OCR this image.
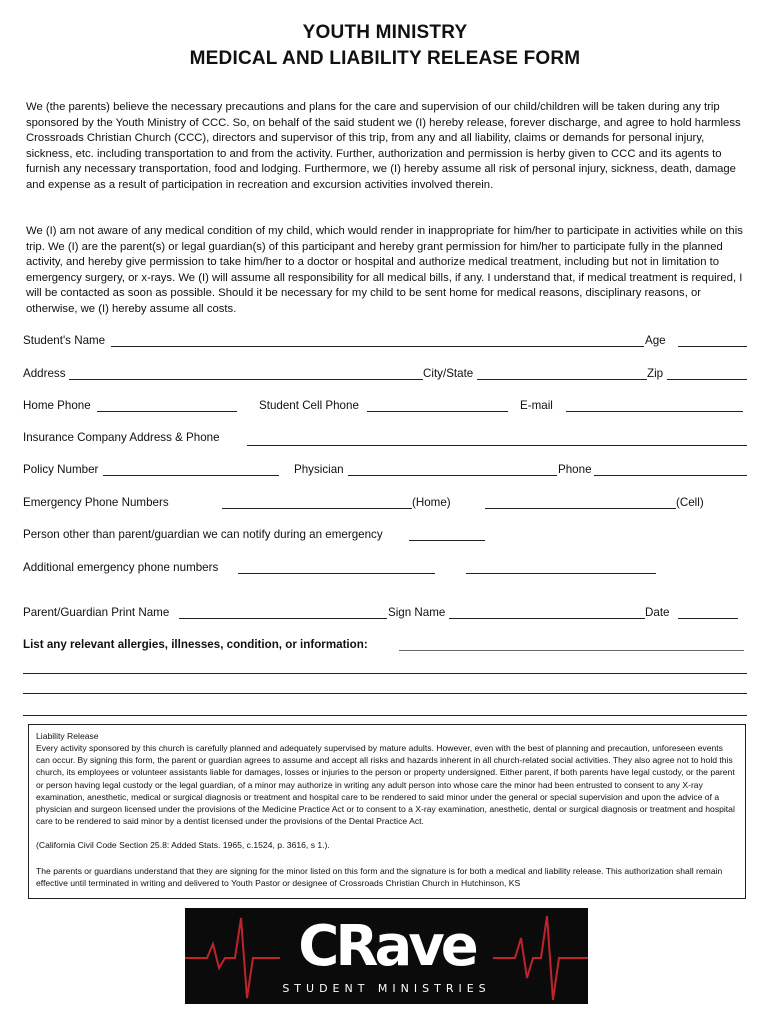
YOUTH MINISTRY
MEDICAL AND LIABILITY RELEASE FORM

We (the parents) believe the necessary precautions and plans for the care and supervision of our child/children will be taken during any trip sponsored by the Youth Ministry of CCC. So, on behalf of the said student we (I) hereby release, forever discharge, and agree to hold harmless Crossroads Christian Church (CCC), directors and supervisor of this trip, from any and all liability, claims or demands for personal injury, sickness, etc. including transportation to and from the activity. Further, authorization and permission is herby given to CCC and its agents to furnish any necessary transportation, food and lodging. Furthermore, we (I) hereby assume all risk of personal injury, sickness, death, damage and expense as a result of participation in recreation and excursion activities involved therein.

We (I) am not aware of any medical condition of my child, which would render in inappropriate for him/her to participate in activities while on this trip. We (I) are the parent(s) or legal guardian(s) of this participant and hereby grant permission for him/her to participate fully in the planned activity, and hereby give permission to take him/her to a doctor or hospital and authorize medical treatment, including but not in limitation to emergency surgery, or x-rays. We (I) will assume all responsibility for all medical bills, if any. I understand that, if medical treatment is required, I will be contacted as soon as possible. Should it be necessary for my child to be sent home for medical reasons, disciplinary reasons, or otherwise, we (I) hereby assume all costs.

Student's Name	Age
Address	City/State	Zip
Home Phone	Student Cell Phone	E-mail
Insurance Company Address & Phone
Policy Number	Physician	Phone
Emergency Phone Numbers	(Home)	(Cell)
Person other than parent/guardian we can notify during an emergency
Additional emergency phone numbers
Parent/Guardian Print Name	Sign Name	Date
List any relevant allergies, illnesses, condition, or information:

Liability Release

Every activity sponsored by this church is carefully planned and adequately supervised by mature adults. However, even with the best of planning and precaution, unforeseen events can occur. By signing this form, the parent or guardian agrees to assume and accept all risks and hazards inherent in all church-related social activities. They also agree not to hold this church, its employees or volunteer assistants liable for damages, losses or injuries to the person or property undersigned. Either parent, if both parents have legal custody, or the parent or person having legal custody or the legal guardian, of a minor may authorize in writing any adult person into whose care the minor had been entrusted to consent to any X-ray examination, anesthetic, medical or surgical diagnosis or treatment and hospital care to be rendered to said minor under the general or special supervision and upon the advice of a physician and surgeon licensed under the provisions of the Medicine Practice Act or to consent to a X-ray examination, anesthetic, dental or surgical diagnosis or treatment and hospital care to be rendered to said minor by a dentist licensed under the provisions of the Dental Practice Act.

(California Civil Code Section 25.8: Added Stats. 1965, c.1524, p. 3616, s 1.).

The parents or guardians understand that they are signing for the minor listed on this form and the signature is for both a medical and liability release. This authorization shall remain effective until terminated in writing and delivered to Youth Pastor or designee of Crossroads Christian Church in Hutchinson, KS

CRave
STUDENT MINISTRIES
